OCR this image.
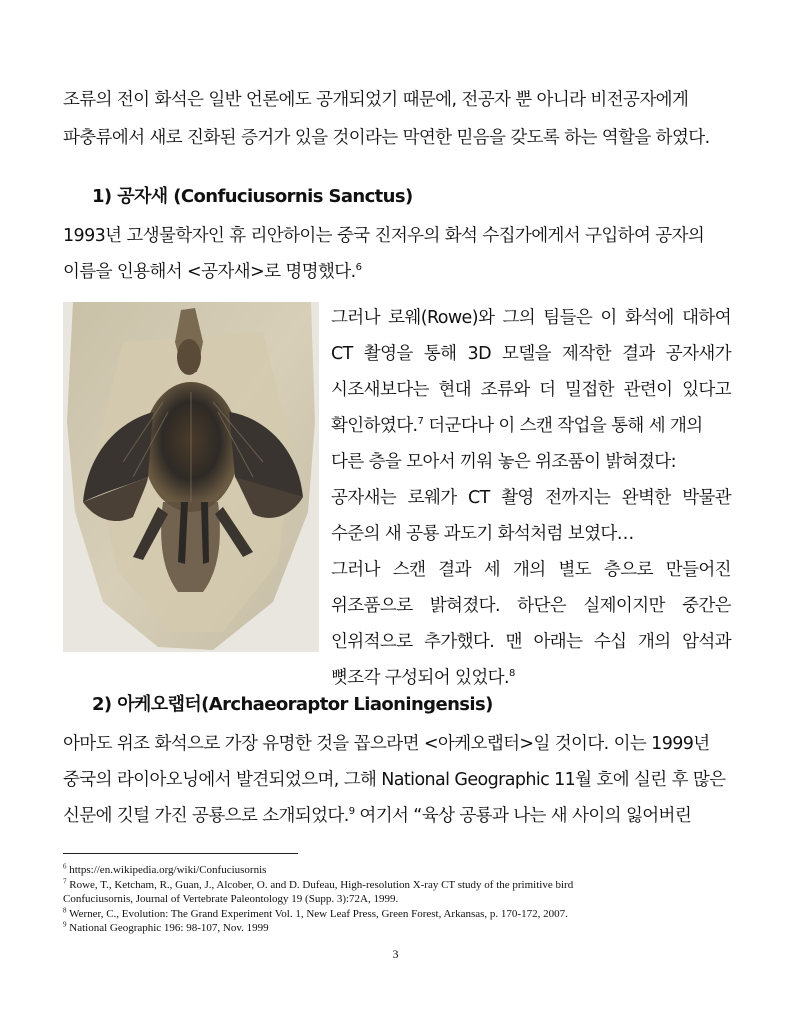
조류의 전이 화석은 일반 언론에도 공개되었기 때문에, 전공자 뿐 아니라 비전공자에게
파충류에서 새로 진화된 증거가 있을 것이라는 막연한 믿음을 갖도록 하는 역할을 하였다.
1) 공자새 (Confuciusornis Sanctus)
1993년 고생물학자인 휴 리안하이는 중국 진저우의 화석 수집가에게서 구입하여 공자의
이름을 인용해서 <공자새>로 명명했다.$^6$
그러나 로웨(Rowe)와 그의 팀들은 이 화석에 대하여
CT 촬영을 통해 3D 모델을 제작한 결과 공자새가
시조새보다는 현대 조류와 더 밀접한 관련이 있다고
확인하였다.$^7$ 더군다나 이 스캔 작업을 통해 세 개의
다른 층을 모아서 끼워 놓은 위조품이 밝혀졌다:
공자새는 로웨가 CT 촬영 전까지는 완벽한 박물관
수준의 새 공룡 과도기 화석처럼 보였다…
그러나 스캔 결과 세 개의 별도 층으로 만들어진
위조품으로 밝혀졌다. 하단은 실제이지만 중간은
인위적으로 추가했다. 맨 아래는 수십 개의 암석과
뼛조각 구성되어 있었다.$^8$
2) 아케오랩터(Archaeoraptor Liaoningensis)
아마도 위조 화석으로 가장 유명한 것을 꼽으라면 <아케오랩터>일 것이다. 이는 1999년
중국의 라이아오닝에서 발견되었으며, 그해 National Geographic 11월 호에 실린 후 많은
신문에 깃털 가진 공룡으로 소개되었다.$^9$ 여기서 “육상 공룡과 나는 새 사이의 잃어버린
$^6$ https://en.wikipedia.org/wiki/Confuciusornis
$^7$ Rowe, T., Ketcham, R., Guan, J., Alcober, O. and D. Dufeau, High-resolution X-ray CT study of the primitive bird
Confuciusornis, Journal of Vertebrate Paleontology 19 (Supp. 3):72A, 1999.
$^8$ Werner, C., Evolution: The Grand Experiment Vol. 1, New Leaf Press, Green Forest, Arkansas, p. 170-172, 2007.
$^9$ National Geographic 196: 98-107, Nov. 1999
3
